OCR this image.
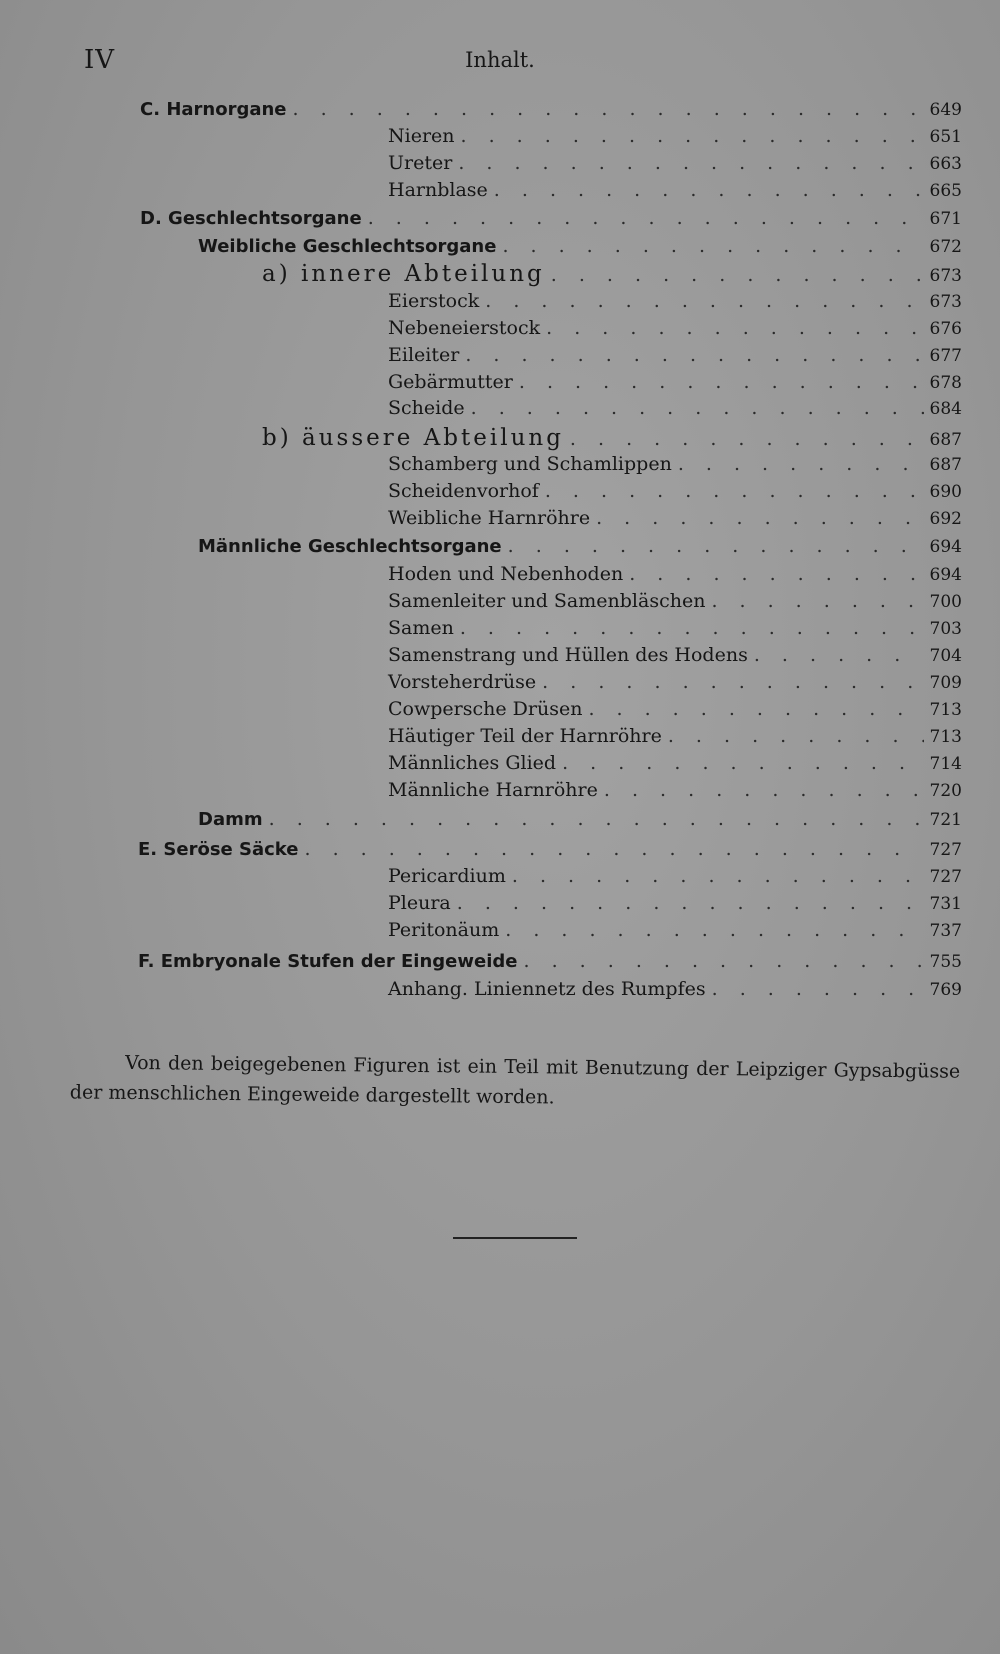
IV	Inhalt.
C. Harnorgane . . .	649
Nieren . . .	651
Ureter . . .	663
Harnblase . . .	665
D. Geschlechtsorgane . . .	671
Weibliche Geschlechtsorgane . . .	672
a) innere Abteilung . . .	673
Eierstock . . .	673
Nebeneierstock . . .	676
Eileiter . . .	677
Gebärmutter . . .	678
Scheide . . .	684
b) äussere Abteilung . . .	687
Schamberg und Schamlippen . . .	687
Scheidenvorhof . . .	690
Weibliche Harnröhre . . .	692
Männliche Geschlechtsorgane . . .	694
Hoden und Nebenhoden . . .	694
Samenleiter und Samenbläschen . . .	700
Samen . . .	703
Samenstrang und Hüllen des Hodens . . .	704
Vorsteherdrüse . . .	709
Cowpersche Drüsen . . .	713
Häutiger Teil der Harnröhre . . .	713
Männliches Glied . . .	714
Männliche Harnröhre . . .	720
Damm . . .	721
E. Seröse Säcke . . .	727
Pericardium . . .	727
Pleura . . .	731
Peritonäum . . .	737
F. Embryonale Stufen der Eingeweide . . .	755
Anhang. Liniennetz des Rumpfes . . .	769
Von den beigegebenen Figuren ist ein Teil mit Benutzung der Leipziger Gypsabgüsse der menschlichen Eingeweide dargestellt worden.
